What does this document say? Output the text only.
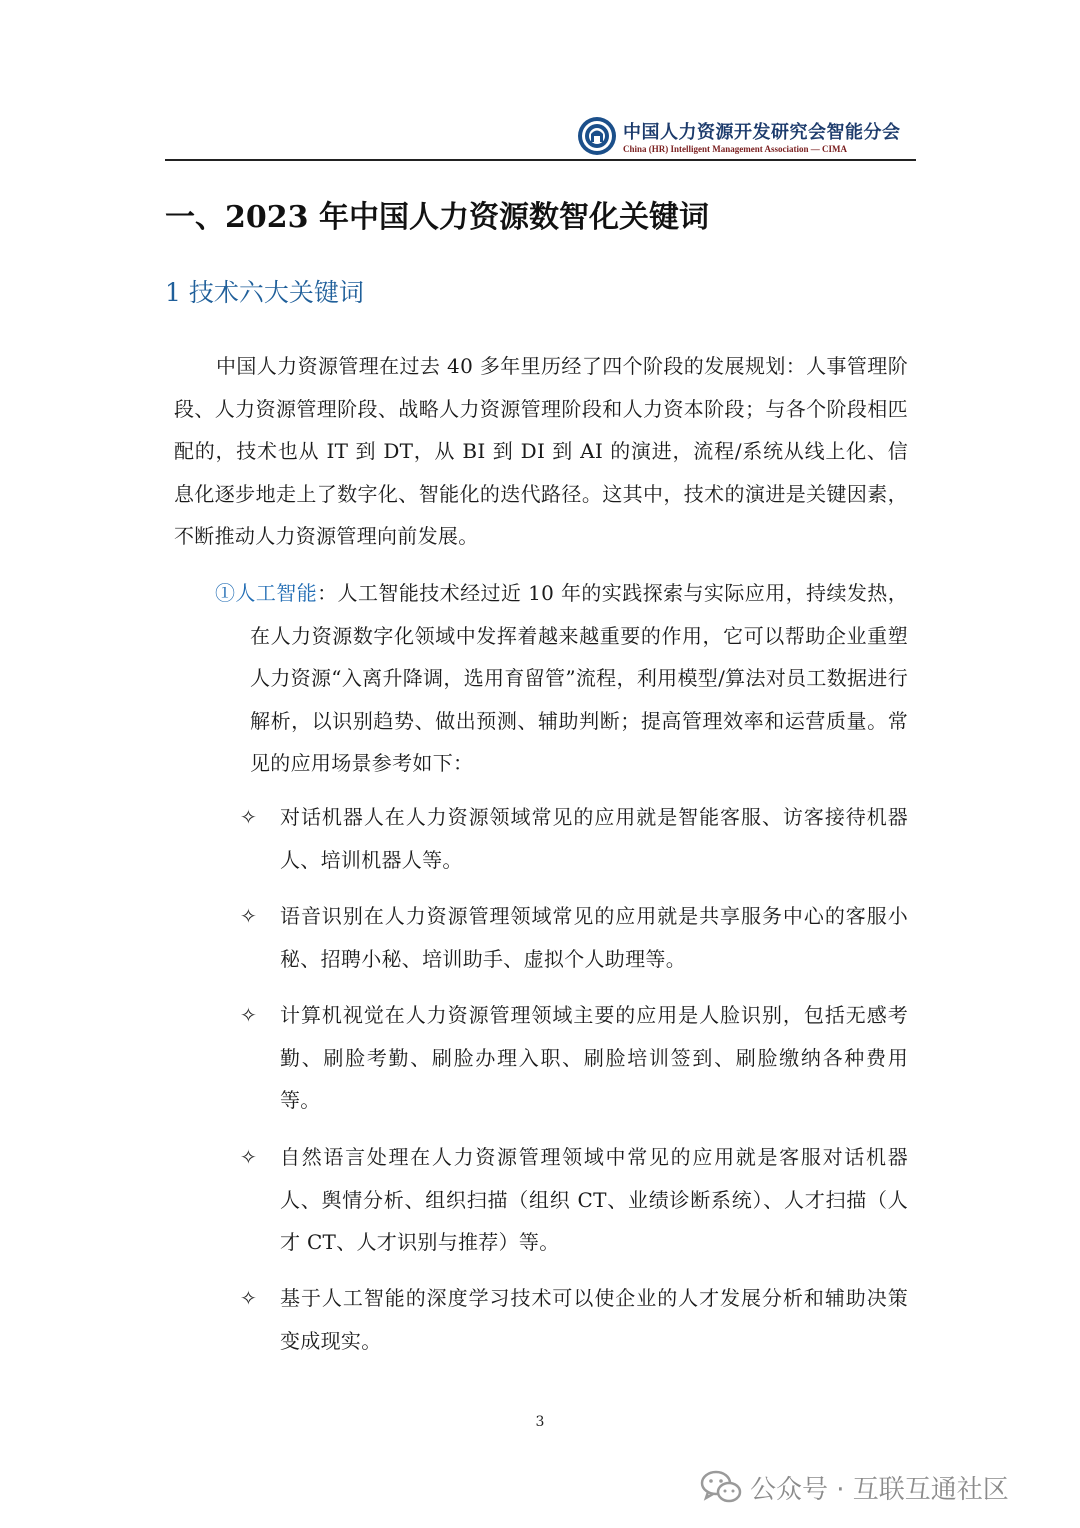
中国人力资源开发研究会智能分会
China (HR) Intelligent Management Association — CIMA
一、2023 年中国人力资源数智化关键词
1 技术六大关键词

中国人力资源管理在过去 40 多年里历经了四个阶段的发展规划：人事管理阶段、人力资源管理阶段、战略人力资源管理阶段和人力资本阶段；与各个阶段相匹配的，技术也从 IT 到 DT，从 BI 到 DI 到 AI 的演进，流程/系统从线上化、信息化逐步地走上了数字化、智能化的迭代路径。这其中，技术的演进是关键因素，不断推动人力资源管理向前发展。

①人工智能：人工智能技术经过近 10 年的实践探索与实际应用，持续发热，在人力资源数字化领域中发挥着越来越重要的作用，它可以帮助企业重塑人力资源“入离升降调，选用育留管”流程，利用模型/算法对员工数据进行解析，以识别趋势、做出预测、辅助判断；提高管理效率和运营质量。常见的应用场景参考如下：

✧ 对话机器人在人力资源领域常见的应用就是智能客服、访客接待机器人、培训机器人等。

✧ 语音识别在人力资源管理领域常见的应用就是共享服务中心的客服小秘、招聘小秘、培训助手、虚拟个人助理等。

✧ 计算机视觉在人力资源管理领域主要的应用是人脸识别，包括无感考勤、刷脸考勤、刷脸办理入职、刷脸培训签到、刷脸缴纳各种费用等。

✧ 自然语言处理在人力资源管理领域中常见的应用就是客服对话机器人、舆情分析、组织扫描（组织 CT、业绩诊断系统）、人才扫描（人才 CT、人才识别与推荐）等。

✧ 基于人工智能的深度学习技术可以使企业的人才发展分析和辅助决策变成现实。

3
公众号 · 互联互通社区
